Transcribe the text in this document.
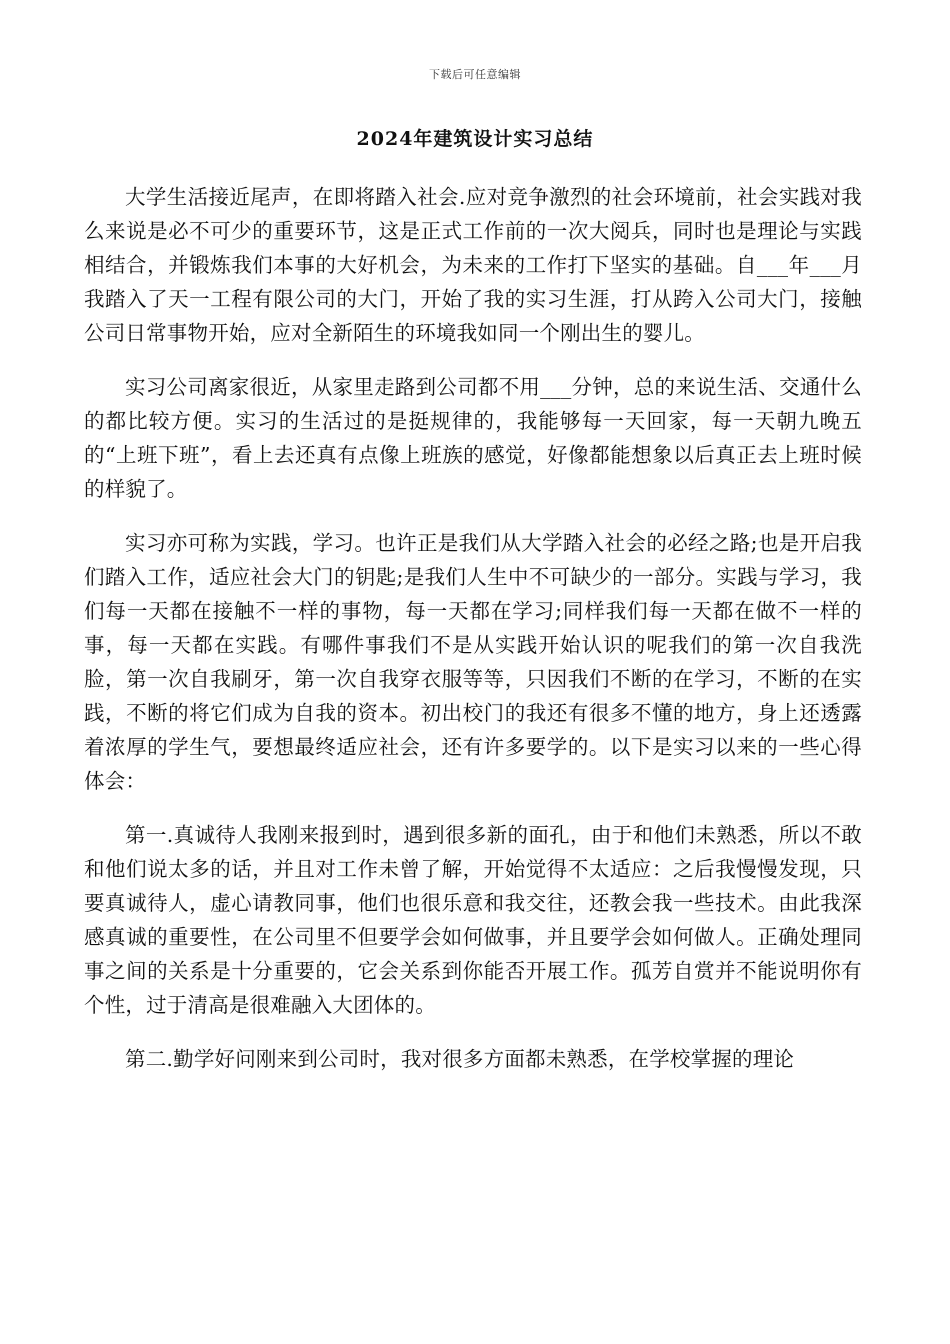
下载后可任意编辑
2024年建筑设计实习总结

大学生活接近尾声，在即将踏入社会.应对竞争激烈的社会环境前，社会实践对我么来说是必不可少的重要环节，这是正式工作前的一次大阅兵，同时也是理论与实践相结合，并锻炼我们本事的大好机会，为未来的工作打下坚实的基础。自___年___月我踏入了天一工程有限公司的大门，开始了我的实习生涯，打从跨入公司大门，接触公司日常事物开始，应对全新陌生的环境我如同一个刚出生的婴儿。

实习公司离家很近，从家里走路到公司都不用___分钟，总的来说生活、交通什么的都比较方便。实习的生活过的是挺规律的，我能够每一天回家，每一天朝九晚五的“上班下班”，看上去还真有点像上班族的感觉，好像都能想象以后真正去上班时候的样貌了。

实习亦可称为实践，学习。也许正是我们从大学踏入社会的必经之路;也是开启我们踏入工作，适应社会大门的钥匙;是我们人生中不可缺少的一部分。实践与学习，我们每一天都在接触不一样的事物，每一天都在学习;同样我们每一天都在做不一样的事，每一天都在实践。有哪件事我们不是从实践开始认识的呢我们的第一次自我洗脸，第一次自我刷牙，第一次自我穿衣服等等，只因我们不断的在学习，不断的在实践，不断的将它们成为自我的资本。初出校门的我还有很多不懂的地方，身上还透露着浓厚的学生气，要想最终适应社会，还有许多要学的。以下是实习以来的一些心得体会：

第一.真诚待人我刚来报到时，遇到很多新的面孔，由于和他们未熟悉，所以不敢和他们说太多的话，并且对工作未曾了解，开始觉得不太适应：之后我慢慢发现，只要真诚待人，虚心请教同事，他们也很乐意和我交往，还教会我一些技术。由此我深感真诚的重要性，在公司里不但要学会如何做事，并且要学会如何做人。正确处理同事之间的关系是十分重要的，它会关系到你能否开展工作。孤芳自赏并不能说明你有个性，过于清高是很难融入大团体的。

第二.勤学好问刚来到公司时，我对很多方面都未熟悉，在学校掌握的理论
